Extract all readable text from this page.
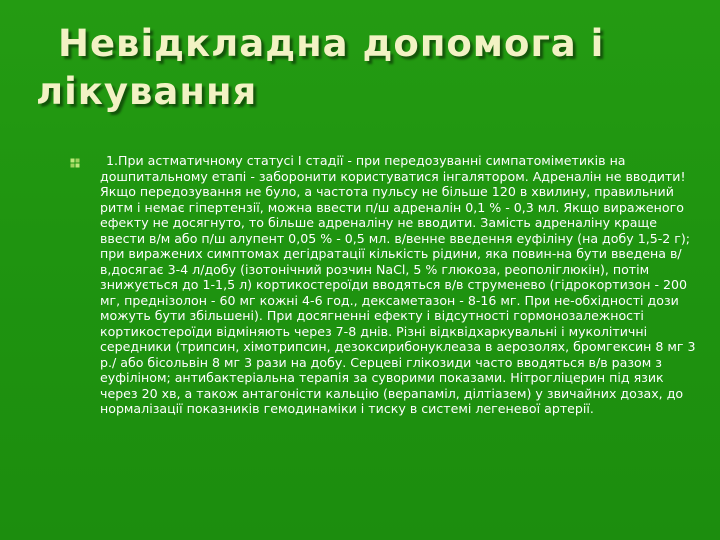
Невідкладна допомога і лікування

1.При астматичному статусі І стадії - при передозуванні симпатоміметиків на дошпитальному етапі - заборонити користуватися інгалятором. Адреналін не вводити! Якщо передозування не було, а частота пульсу не більше 120 в хвилину, правильний ритм і немає гіпертензії, можна ввести п/ш адреналін 0,1 % - 0,3 мл. Якщо вираженого ефекту не досягнуто, то більше адреналіну не вводити. Замість адреналіну краще ввести в/м або п/ш алупент 0,05 % - 0,5 мл. в/венне введення еуфіліну (на добу 1,5-2 г); при виражених симптомах дегідратації кількість рідини, яка повин-на бути введена в/в,досягає 3-4 л/добу (ізотонічний розчин NaCl, 5 % глюкоза, реополіглюкін), потім знижується до 1-1,5 л) кортикостероїди вводяться в/в струменево (гідрокортизон - 200 мг, преднізолон - 60 мг кожні 4-6 год., дексаметазон - 8-16 мг. При не-обхідності дози можуть бути збільшені). При досягненні ефекту і відсутності гормонозалежності кортикостероїди відміняють через 7-8 днів. Різні відквідхаркувальні і муколітичні середники (трипсин, хімотрипсин, дезоксирибонуклеаза в аерозолях, бромгексин 8 мг 3 р./ або бісольвін 8 мг 3 рази на добу. Серцеві глікозиди часто вводяться в/в разом з еуфіліном; антибактеріальна терапія за суворими показами. Нітрогліцерин під язик через 20 хв, а також антагоністи кальцію (верапаміл, ділтіазем) у звичайних дозах, до нормалізації показників гемодинаміки і тиску в системі легеневої артерії.
